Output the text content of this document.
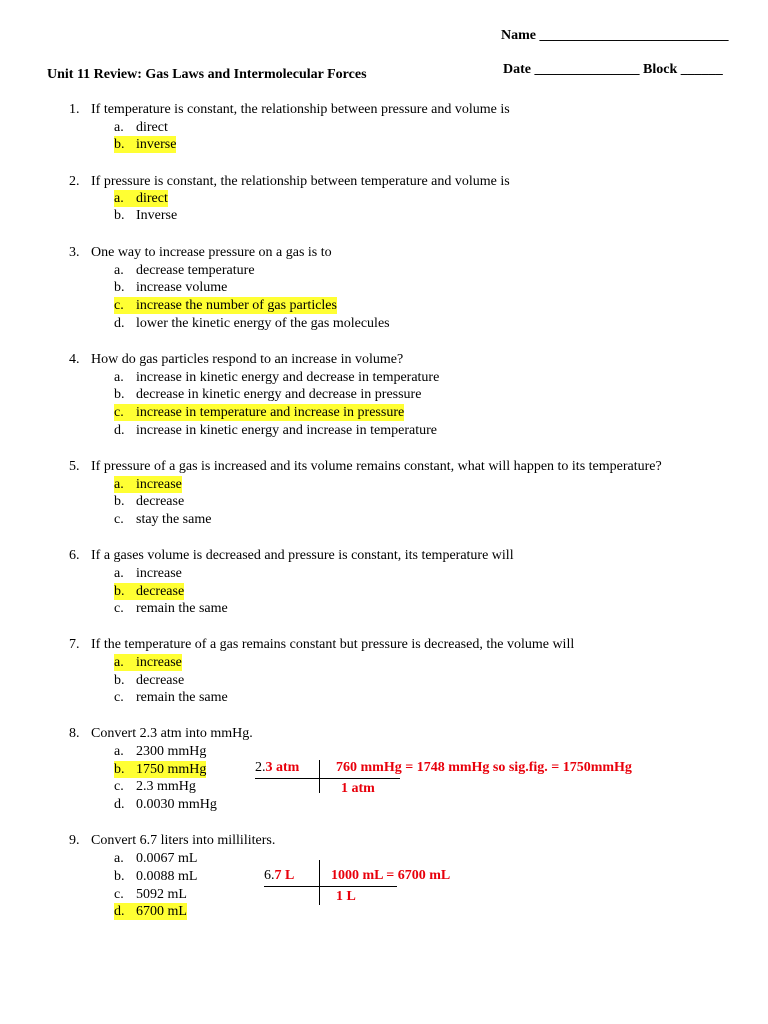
Name ___________________________
Unit 11 Review: Gas Laws and Intermolecular Forces	Date _______________ Block ______
1. If temperature is constant, the relationship between pressure and volume is
a. direct
b. inverse
2. If pressure is constant, the relationship between temperature and volume is
a. direct
b. Inverse
3. One way to increase pressure on a gas is to
a. decrease temperature
b. increase volume
c. increase the number of gas particles
d. lower the kinetic energy of the gas molecules
4. How do gas particles respond to an increase in volume?
a. increase in kinetic energy and decrease in temperature
b. decrease in kinetic energy and decrease in pressure
c. increase in temperature and increase in pressure
d. increase in kinetic energy and increase in temperature
5. If pressure of a gas is increased and its volume remains constant, what will happen to its temperature?
a. increase
b. decrease
c. stay the same
6. If a gases volume is decreased and pressure is constant, its temperature will
a. increase
b. decrease
c. remain the same
7. If the temperature of a gas remains constant but pressure is decreased, the volume will
a. increase
b. decrease
c. remain the same
8. Convert 2.3 atm into mmHg.
a. 2300 mmHg
b. 1750 mmHg
c. 2.3 mmHg
d. 0.0030 mmHg
2.3 atm	760 mmHg = 1748 mmHg so sig.fig. = 1750mmHg
1 atm
9. Convert 6.7 liters into milliliters.
a. 0.0067 mL
b. 0.0088 mL
c. 5092 mL
d. 6700 mL
6.7 L	1000 mL = 6700 mL
1 L
